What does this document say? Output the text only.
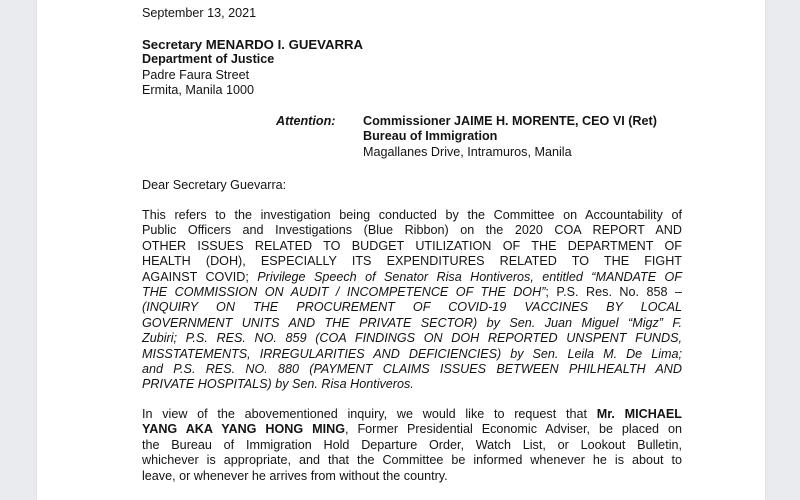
September 13, 2021
Secretary MENARDO I. GUEVARRA
Department of Justice
Padre Faura Street
Ermita, Manila 1000
Attention: Commissioner JAIME H. MORENTE, CEO VI (Ret)
Bureau of Immigration
Magallanes Drive, Intramuros, Manila
Dear Secretary Guevarra:
This refers to the investigation being conducted by the Committee on Accountability of
Public Officers and Investigations (Blue Ribbon) on the 2020 COA REPORT AND
OTHER ISSUES RELATED TO BUDGET UTILIZATION OF THE DEPARTMENT OF
HEALTH (DOH), ESPECIALLY ITS EXPENDITURES RELATED TO THE FIGHT
AGAINST COVID; Privilege Speech of Senator Risa Hontiveros, entitled “MANDATE OF
THE COMMISSION ON AUDIT / INCOMPETENCE OF THE DOH”; P.S. Res. No. 858 –
(INQUIRY ON THE PROCUREMENT OF COVID-19 VACCINES BY LOCAL
GOVERNMENT UNITS AND THE PRIVATE SECTOR) by Sen. Juan Miguel “Migz” F.
Zubiri; P.S. RES. NO. 859 (COA FINDINGS ON DOH REPORTED UNSPENT FUNDS,
MISSTATEMENTS, IRREGULARITIES AND DEFICIENCIES) by Sen. Leila M. De Lima;
and P.S. RES. NO. 880 (PAYMENT CLAIMS ISSUES BETWEEN PHILHEALTH AND
PRIVATE HOSPITALS) by Sen. Risa Hontiveros.
In view of the abovementioned inquiry, we would like to request that Mr. MICHAEL
YANG AKA YANG HONG MING, Former Presidential Economic Adviser, be placed on
the Bureau of Immigration Hold Departure Order, Watch List, or Lookout Bulletin,
whichever is appropriate, and that the Committee be informed whenever he is about to
leave, or whenever he arrives from without the country.
